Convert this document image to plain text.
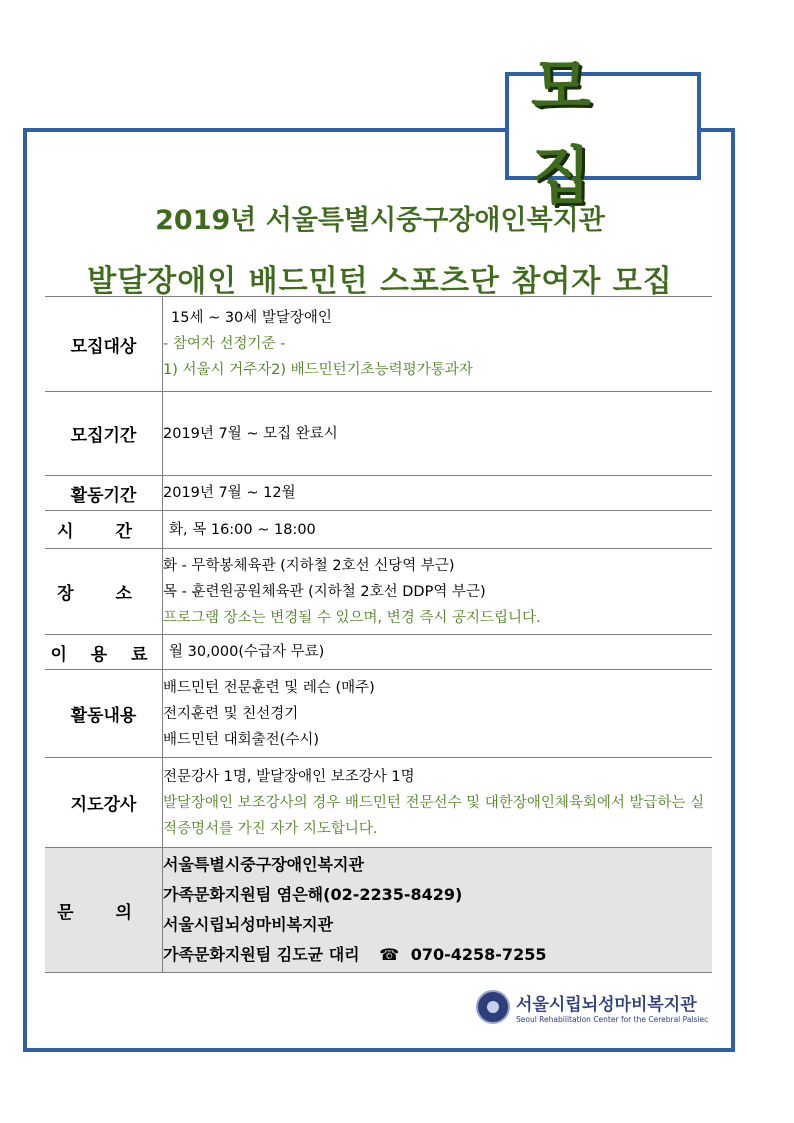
모 집
2019년 서울특별시중구장애인복지관
발달장애인 배드민턴 스포츠단 참여자 모집
모집대상	15세 ~ 30세 발달장애인
- 참여자 선정기준 -
1) 서울시 거주자2) 배드민턴기초능력평가통과자

모집기간	2019년 7월 ~ 모집 완료시
활동기간	2019년 7월 ~ 12월
시 간	화, 목 16:00 ~ 18:00
장 소	화 - 무학봉체육관 (지하철 2호선 신당역 부근)
목 - 훈련원공원체육관 (지하철 2호선 DDP역 부근)
프로그램 장소는 변경될 수 있으며, 변경 즉시 공지드립니다.

이 용 료	월 30,000(수급자 무료)
활동내용	배드민턴 전문훈련 및 레슨 (매주)
전지훈련 및 친선경기
배드민턴 대회출전(수시)

지도강사	전문강사 1명, 발달장애인 보조강사 1명
발달장애인 보조강사의 경우 배드민턴 전문선수 및 대한장애인체육회에서 발급하는 실적증명서를 가진 자가 지도합니다.

문 의	서울특별시중구장애인복지관
가족문화지원팀 염은해(02-2235-8429)
서울시립뇌성마비복지관
가족문화지원팀 김도균 대리 ☎ 070-4258-7255
서울시립뇌성마비복지관
Seoul Rehabilitation Center for the Cerebral Palsiec
